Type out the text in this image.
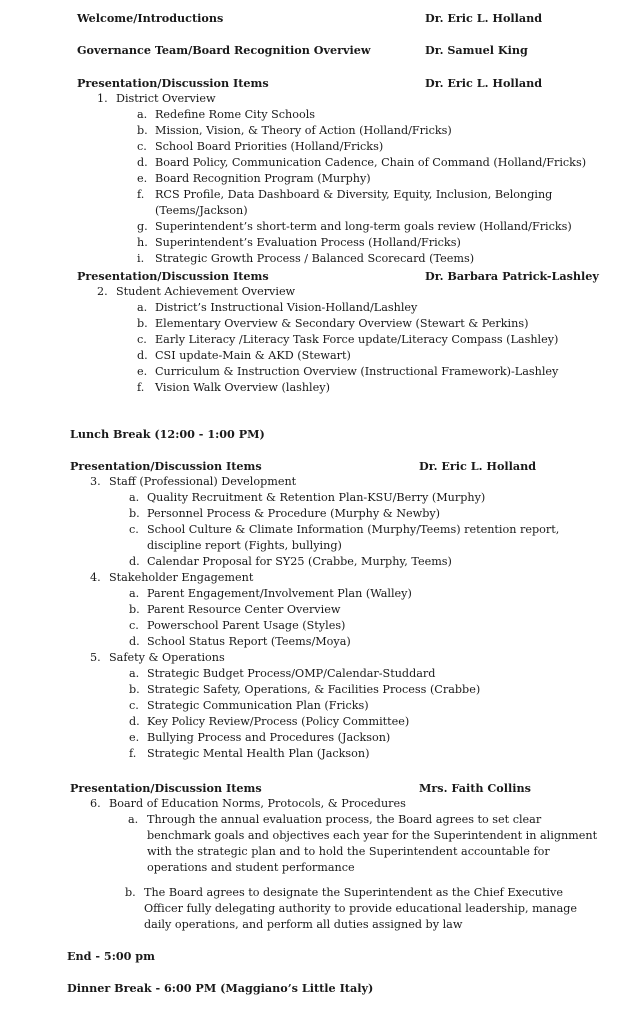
Welcome/Introductions	Dr. Eric L. Holland
Governance Team/Board Recognition Overview	Dr. Samuel King
Presentation/Discussion Items	Dr. Eric L. Holland
1. District Overview
a. Redefine Rome City Schools
b. Mission, Vision, & Theory of Action (Holland/Fricks)
c. School Board Priorities (Holland/Fricks)
d. Board Policy, Communication Cadence, Chain of Command (Holland/Fricks)
e. Board Recognition Program (Murphy)
f. RCS Profile, Data Dashboard & Diversity, Equity, Inclusion, Belonging
(Teems/Jackson)
g. Superintendent’s short-term and long-term goals review (Holland/Fricks)
h. Superintendent’s Evaluation Process (Holland/Fricks)
i. Strategic Growth Process / Balanced Scorecard (Teems)
Presentation/Discussion Items	Dr. Barbara Patrick-Lashley
2. Student Achievement Overview
a. District’s Instructional Vision-Holland/Lashley
b. Elementary Overview & Secondary Overview (Stewart & Perkins)
c. Early Literacy /Literacy Task Force update/Literacy Compass (Lashley)
d. CSI update-Main & AKD (Stewart)
e. Curriculum & Instruction Overview (Instructional Framework)-Lashley
f. Vision Walk Overview (lashley)
Lunch Break (12:00 - 1:00 PM)
Presentation/Discussion Items	Dr. Eric L. Holland
3. Staff (Professional) Development
a. Quality Recruitment & Retention Plan-KSU/Berry (Murphy)
b. Personnel Process & Procedure (Murphy & Newby)
c. School Culture & Climate Information (Murphy/Teems) retention report,
discipline report (Fights, bullying)
d. Calendar Proposal for SY25 (Crabbe, Murphy, Teems)
4. Stakeholder Engagement
a. Parent Engagement/Involvement Plan (Walley)
b. Parent Resource Center Overview
c. Powerschool Parent Usage (Styles)
d. School Status Report (Teems/Moya)
5. Safety & Operations
a. Strategic Budget Process/OMP/Calendar-Studdard
b. Strategic Safety, Operations, & Facilities Process (Crabbe)
c. Strategic Communication Plan (Fricks)
d. Key Policy Review/Process (Policy Committee)
e. Bullying Process and Procedures (Jackson)
f. Strategic Mental Health Plan (Jackson)
Presentation/Discussion Items	Mrs. Faith Collins
6. Board of Education Norms, Protocols, & Procedures
a. Through the annual evaluation process, the Board agrees to set clear
benchmark goals and objectives each year for the Superintendent in alignment
with the strategic plan and to hold the Superintendent accountable for
operations and student performance
b. The Board agrees to designate the Superintendent as the Chief Executive
Officer fully delegating authority to provide educational leadership, manage
daily operations, and perform all duties assigned by law
End - 5:00 pm
Dinner Break - 6:00 PM (Maggiano’s Little Italy)
